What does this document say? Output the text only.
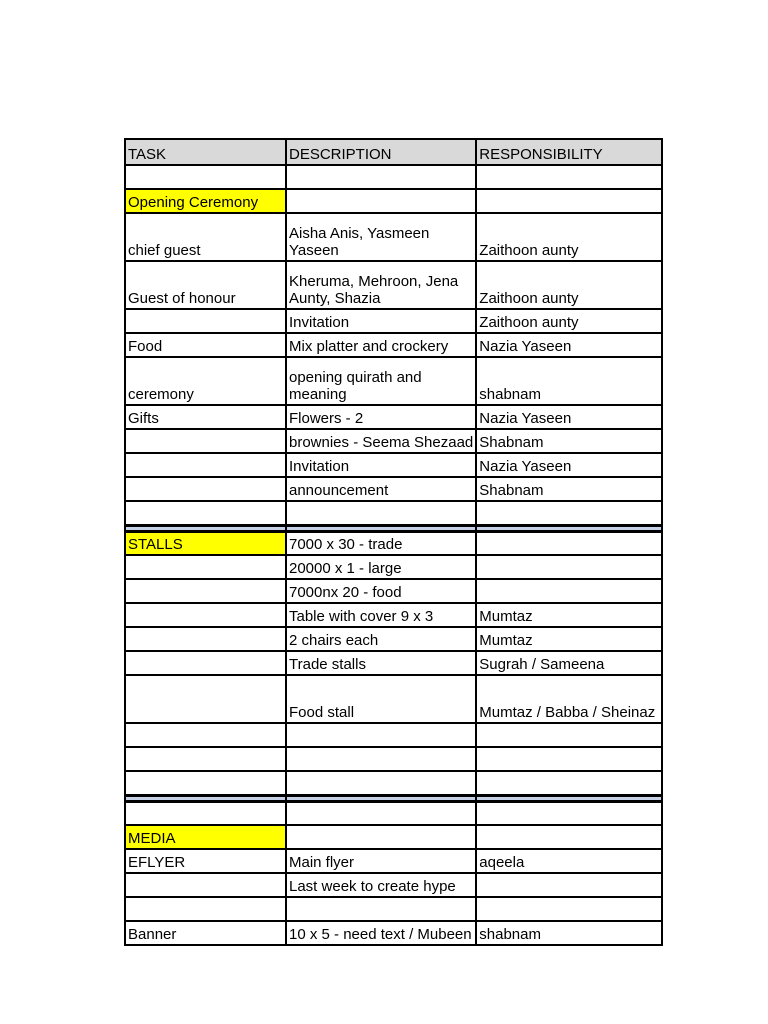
TASK	DESCRIPTION	RESPONSIBILITY

Opening Ceremony		
chief guest	Aisha Anis, Yasmeen Yaseen	Zaithoon aunty
Guest of honour	Kheruma, Mehroon, Jena Aunty, Shazia	Zaithoon aunty
	Invitation	Zaithoon aunty
Food	Mix platter and crockery	Nazia Yaseen
ceremony	opening quirath and meaning	shabnam
Gifts	Flowers - 2	Nazia Yaseen
	brownies - Seema Shezaad	Shabnam
	Invitation	Nazia Yaseen
	announcement	Shabnam

STALLS	7000 x 30 - trade	
	20000 x 1 - large	
	7000nx 20 - food	
	Table with cover 9 x 3	Mumtaz
	2 chairs each	Mumtaz
	Trade stalls	Sugrah / Sameena
	Food stall	Mumtaz / Babba / Sheinaz

MEDIA		
EFLYER	Main flyer	aqeela
	Last week to create hype	

Banner	10 x 5 - need text / Mubeen	shabnam
